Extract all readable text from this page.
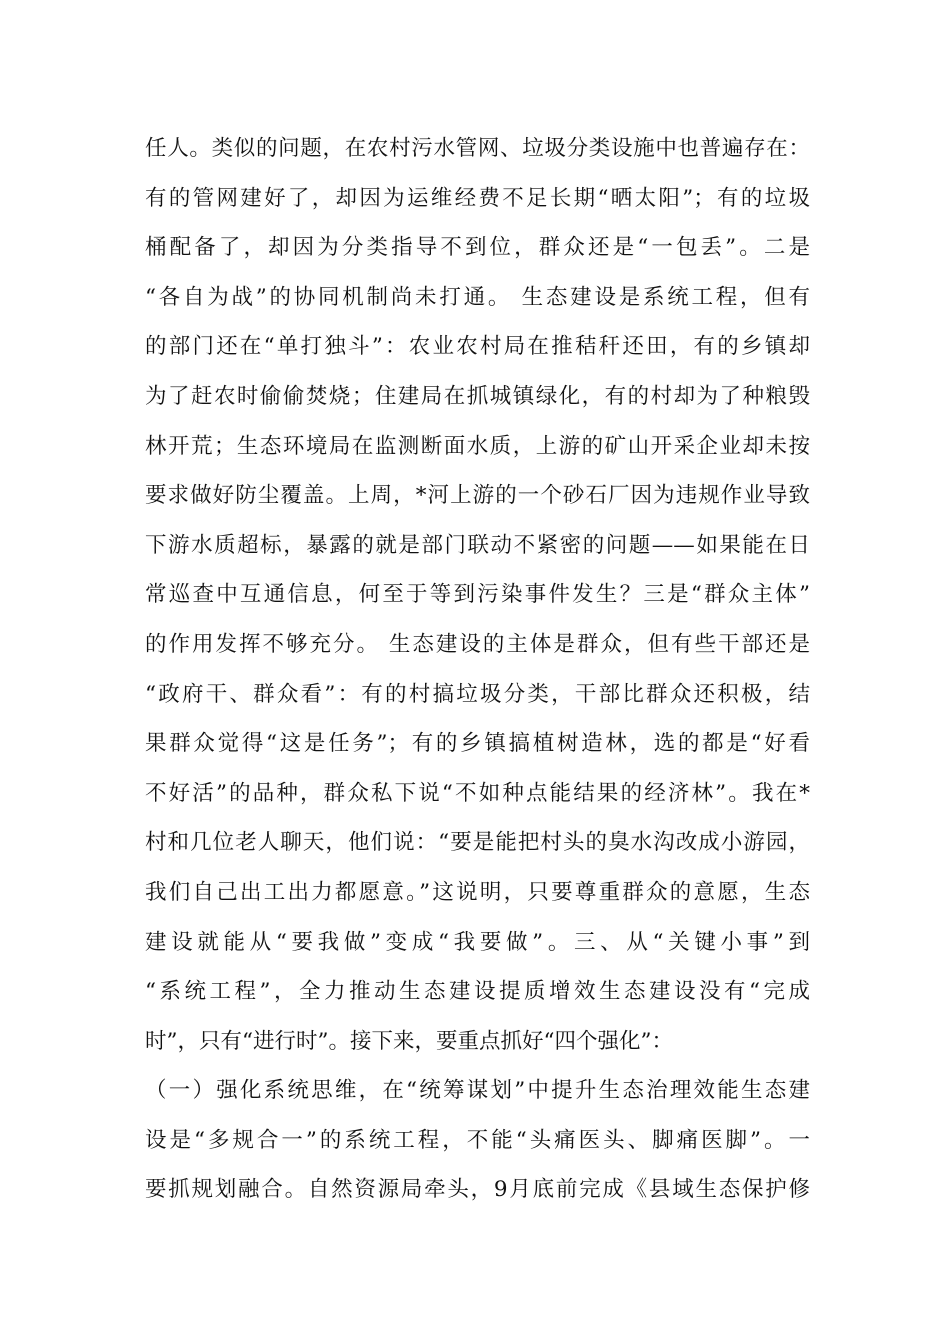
任人。类似的问题，在农村污水管网、垃圾分类设施中也普遍存在：
有的管网建好了，却因为运维经费不足长期“晒太阳”；有的垃圾
桶配备了，却因为分类指导不到位，群众还是“一包丢”。二是
“各自为战”的协同机制尚未打通。 生态建设是系统工程，但有
的部门还在“单打独斗”：农业农村局在推秸秆还田，有的乡镇却
为了赶农时偷偷焚烧；住建局在抓城镇绿化，有的村却为了种粮毁
林开荒；生态环境局在监测断面水质，上游的矿山开采企业却未按
要求做好防尘覆盖。上周，*河上游的一个砂石厂因为违规作业导致
下游水质超标，暴露的就是部门联动不紧密的问题——如果能在日
常巡查中互通信息，何至于等到污染事件发生？三是“群众主体”
的作用发挥不够充分。 生态建设的主体是群众，但有些干部还是
“政府干、群众看”：有的村搞垃圾分类，干部比群众还积极，结
果群众觉得“这是任务”；有的乡镇搞植树造林，选的都是“好看
不好活”的品种，群众私下说“不如种点能结果的经济林”。我在*
村和几位老人聊天，他们说：“要是能把村头的臭水沟改成小游园，
我们自己出工出力都愿意。”这说明，只要尊重群众的意愿，生态
建设就能从“要我做”变成“我要做”。三、从“关键小事”到
“系统工程”，全力推动生态建设提质增效生态建设没有“完成
时”，只有“进行时”。接下来，要重点抓好“四个强化”：
（一）强化系统思维，在“统筹谋划”中提升生态治理效能生态建
设是“多规合一”的系统工程，不能“头痛医头、脚痛医脚”。一
要抓规划融合。自然资源局牵头，9月底前完成《县域生态保护修
